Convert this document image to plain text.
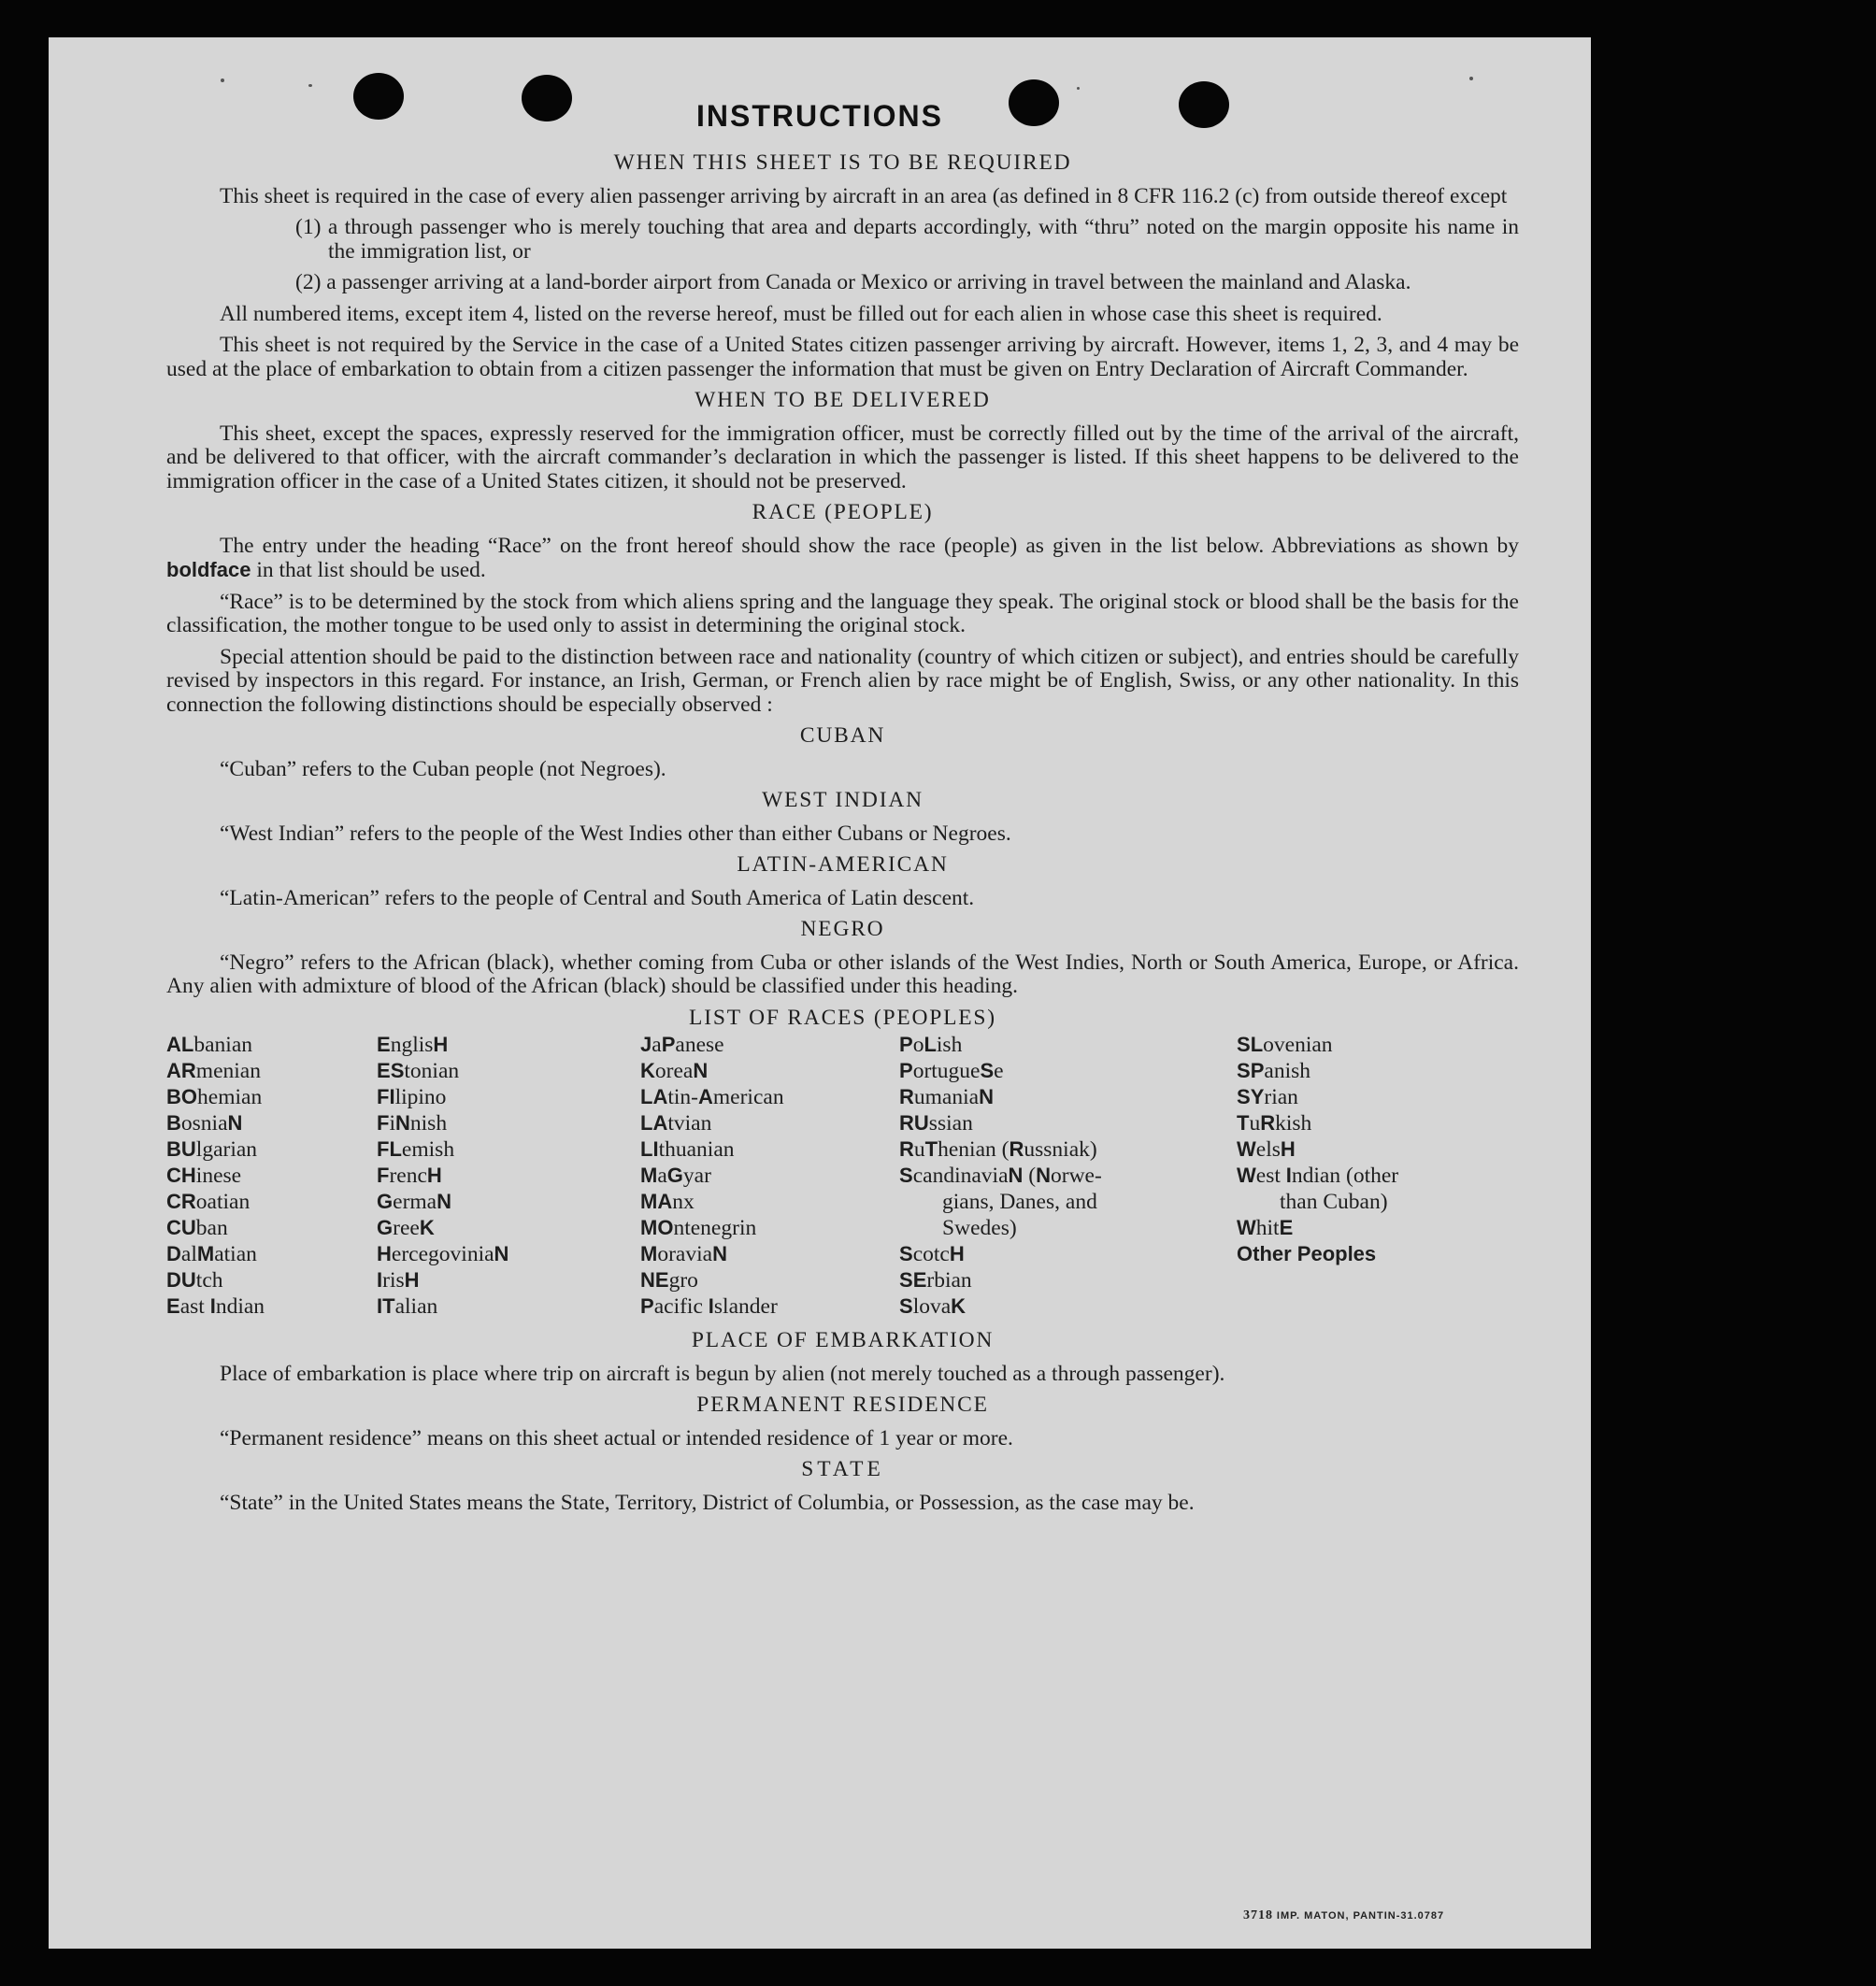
INSTRUCTIONS
WHEN THIS SHEET IS TO BE REQUIRED

This sheet is required in the case of every alien passenger arriving by aircraft in an area (as defined in 8 CFR 116.2 (c) from outside thereof except

(1) a through passenger who is merely touching that area and departs accordingly, with “thru” noted on the margin opposite his name in the immigration list, or
(2) a passenger arriving at a land-border airport from Canada or Mexico or arriving in travel between the mainland and Alaska.

All numbered items, except item 4, listed on the reverse hereof, must be filled out for each alien in whose case this sheet is required.

This sheet is not required by the Service in the case of a United States citizen passenger arriving by aircraft. However, items 1, 2, 3, and 4 may be used at the place of embarkation to obtain from a citizen passenger the information that must be given on Entry Declaration of Aircraft Commander.

WHEN TO BE DELIVERED

This sheet, except the spaces, expressly reserved for the immigration officer, must be correctly filled out by the time of the arrival of the aircraft, and be delivered to that officer, with the aircraft commander’s declaration in which the passenger is listed. If this sheet happens to be delivered to the immigration officer in the case of a United States citizen, it should not be preserved.

RACE (PEOPLE)

The entry under the heading “Race” on the front hereof should show the race (people) as given in the list below. Abbreviations as shown by boldface in that list should be used.

“Race” is to be determined by the stock from which aliens spring and the language they speak. The original stock or blood shall be the basis for the classification, the mother tongue to be used only to assist in determining the original stock.

Special attention should be paid to the distinction between race and nationality (country of which citizen or subject), and entries should be carefully revised by inspectors in this regard. For instance, an Irish, German, or French alien by race might be of English, Swiss, or any other nationality. In this connection the following distinctions should be especially observed :

CUBAN

“Cuban” refers to the Cuban people (not Negroes).

WEST INDIAN

“West Indian” refers to the people of the West Indies other than either Cubans or Negroes.

LATIN-AMERICAN

“Latin-American” refers to the people of Central and South America of Latin descent.

NEGRO

“Negro” refers to the African (black), whether coming from Cuba or other islands of the West Indies, North or South America, Europe, or Africa. Any alien with admixture of blood of the African (black) should be classified under this heading.

LIST OF RACES (PEOPLES)
ALbanian
ARmenian
BOhemian
BosniaN
BUlgarian
CHinese
CRoatian
CUban
DalMatian
DUtch
East Indian
EnglisH
EStonian
FIlipino
FiNnish
FLemish
FrencH
GermaN
GreeK
HercegoviniaN
IrisH
ITalian
JaPanese
KoreaN
LAtin-American
LAtvian
LIthuanian
MaGyar
MAnx
MOntenegrin
MoraviaN
NEgro
Pacific Islander
PoLish
PortugueSe
RumaniaN
RUssian
RuThenian (Russniak)
ScandinaviaN (Norwe-
gians, Danes, and
Swedes)
ScotcH
SErbian
SlovaK
SLovenian
SPanish
SYrian
TuRkish
WelsH
West Indian (other
than Cuban)
WhitE
Other Peoples
PLACE OF EMBARKATION

Place of embarkation is place where trip on aircraft is begun by alien (not merely touched as a through passenger).

PERMANENT RESIDENCE

“Permanent residence” means on this sheet actual or intended residence of 1 year or more.

STATE

“State” in the United States means the State, Territory, District of Columbia, or Possession, as the case may be.

3718 IMP. MATON, PANTIN-31.0787
